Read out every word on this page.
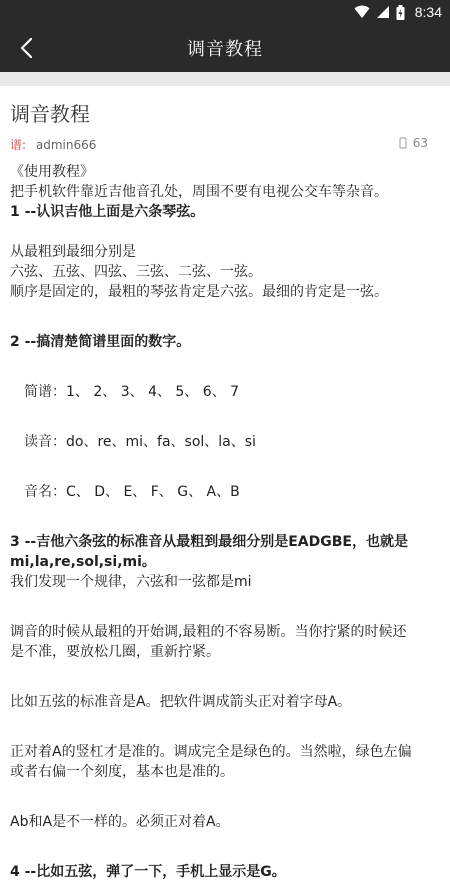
8:34
调音教程
调音教程
谱: admin666	63

《使用教程》

把手机软件靠近吉他音孔处，周围不要有电视公交车等杂音。

1 --认识吉他上面是六条琴弦。

从最粗到最细分别是

六弦、五弦、四弦、三弦、二弦、一弦。

顺序是固定的，最粗的琴弦肯定是六弦。最细的肯定是一弦。

2 --搞清楚简谱里面的数字。

简谱：1、 2、 3、 4、 5、 6、 7

读音：do、re、mi、fa、sol、la、si

音名：C、 D、 E、 F、 G、 A、B

3 --吉他六条弦的标准音从最粗到最细分别是EADGBE，也就是

mi,la,re,sol,si,mi。

我们发现一个规律，六弦和一弦都是mi

调音的时候从最粗的开始调,最粗的不容易断。当你拧紧的时候还

是不准，要放松几圈，重新拧紧。

比如五弦的标准音是A。把软件调成箭头正对着字母A。

正对着A的竖杠才是准的。调成完全是绿色的。当然啦，绿色左偏

或者右偏一个刻度，基本也是准的。

Ab和A是不一样的。必须正对着A。

4 --比如五弦，弹了一下，手机上显示是G。
